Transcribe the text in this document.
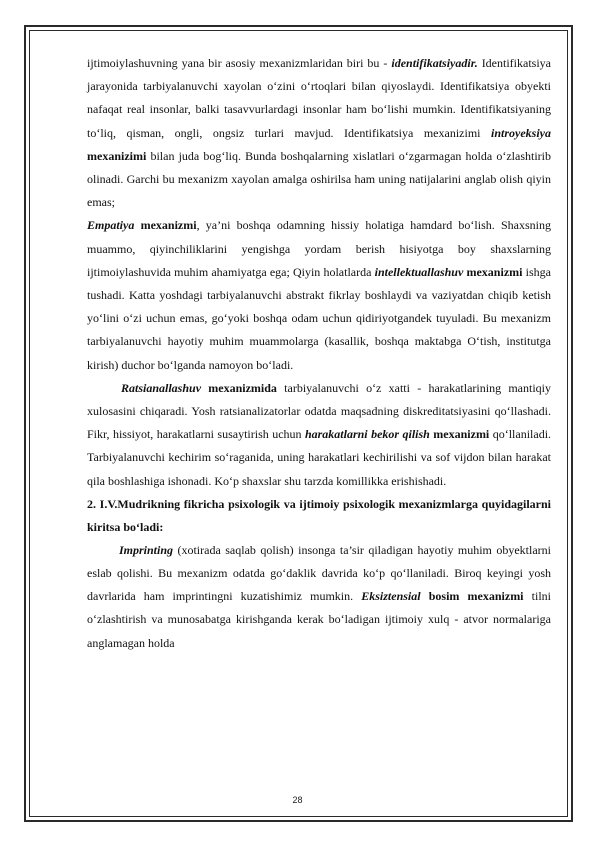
ijtimoiylashuvning yana bir asosiy mexanizmlaridan biri bu - identifikatsiyadir. Identifikatsiya jarayonida tarbiyalanuvchi xayolan o‘zini o‘rtoqlari bilan qiyoslaydi. Identifikatsiya obyekti nafaqat real insonlar, balki tasavvurlardagi insonlar ham bo‘lishi mumkin. Identifikatsiyaning to‘liq, qisman, ongli, ongsiz turlari mavjud. Identifikatsiya mexanizimi introyeksiya mexanizimi bilan juda bog‘liq. Bunda boshqalarning xislatlari o‘zgarmagan holda o‘zlashtirib olinadi. Garchi bu mexanizm xayolan amalga oshirilsa ham uning natijalarini anglab olish qiyin emas;

Empatiya mexanizmi, ya’ni boshqa odamning hissiy holatiga hamdard bo‘lish. Shaxsning muammo, qiyinchiliklarini yengishga yordam berish hisiyotga boy shaxslarning ijtimoiylashuvida muhim ahamiyatga ega; Qiyin holatlarda intellektuallashuv mexanizmi ishga tushadi. Katta yoshdagi tarbiyalanuvchi abstrakt fikrlay boshlaydi va vaziyatdan chiqib ketish yo‘lini o‘zi uchun emas, go‘yoki boshqa odam uchun qidiriyotgandek tuyuladi. Bu mexanizm tarbiyalanuvchi hayotiy muhim muammolarga (kasallik, boshqa maktabga O‘tish, institutga kirish) duchor bo‘lganda namoyon bo‘ladi.

Ratsianallashuv mexanizmida tarbiyalanuvchi o‘z xatti - harakatlarining mantiqiy xulosasini chiqaradi. Yosh ratsianalizatorlar odatda maqsadning diskreditatsiyasini qo‘llashadi. Fikr, hissiyot, harakatlarni susaytirish uchun harakatlarni bekor qilish mexanizmi qo‘llaniladi. Tarbiyalanuvchi kechirim so‘raganida, uning harakatlari kechirilishi va sof vijdon bilan harakat qila boshlashiga ishonadi. Ko‘p shaxslar shu tarzda komillikka erishishadi.

2. I.V.Mudrikning fikricha psixologik va ijtimoiy psixologik mexanizmlarga quyidagilarni kiritsa bo‘ladi:

Imprinting (xotirada saqlab qolish) insonga ta’sir qiladigan hayotiy muhim obyektlarni eslab qolishi. Bu mexanizm odatda go‘daklik davrida ko‘p qo‘llaniladi. Biroq keyingi yosh davrlarida ham imprintingni kuzatishimiz mumkin. Eksiztensial bosim mexanizmi tilni o‘zlashtirish va munosabatga kirishganda kerak bo‘ladigan ijtimoiy xulq - atvor normalariga anglamagan holda

28
